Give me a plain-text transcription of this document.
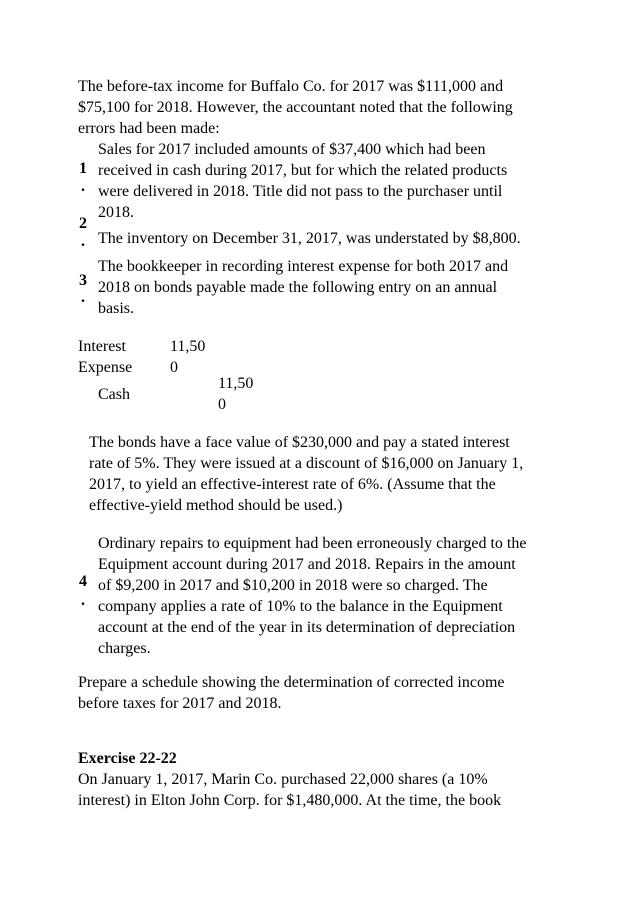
The before-tax income for Buffalo Co. for 2017 was $111,000 and

$75,100 for 2018. However, the accountant noted that the following

errors had been made:

1
.

Sales for 2017 included amounts of $37,400 which had been

received in cash during 2017, but for which the related products

were delivered in 2018. Title did not pass to the purchaser until

2018.

2
. The inventory on December 31, 2017, was understated by $8,800.

3
.

The bookkeeper in recording interest expense for both 2017 and

2018 on bonds payable made the following entry on an annual

basis.

Interest

Expense

11,50

0

Cash

11,50

0

The bonds have a face value of $230,000 and pay a stated interest

rate of 5%. They were issued at a discount of $16,000 on January 1,

2017, to yield an effective-interest rate of 6%. (Assume that the

effective-yield method should be used.)

4
.

Ordinary repairs to equipment had been erroneously charged to the

Equipment account during 2017 and 2018. Repairs in the amount

of $9,200 in 2017 and $10,200 in 2018 were so charged. The

company applies a rate of 10% to the balance in the Equipment

account at the end of the year in its determination of depreciation

charges.

Prepare a schedule showing the determination of corrected income

before taxes for 2017 and 2018.

Exercise 22-22

On January 1, 2017, Marin Co. purchased 22,000 shares (a 10%

interest) in Elton John Corp. for $1,480,000. At the time, the book
